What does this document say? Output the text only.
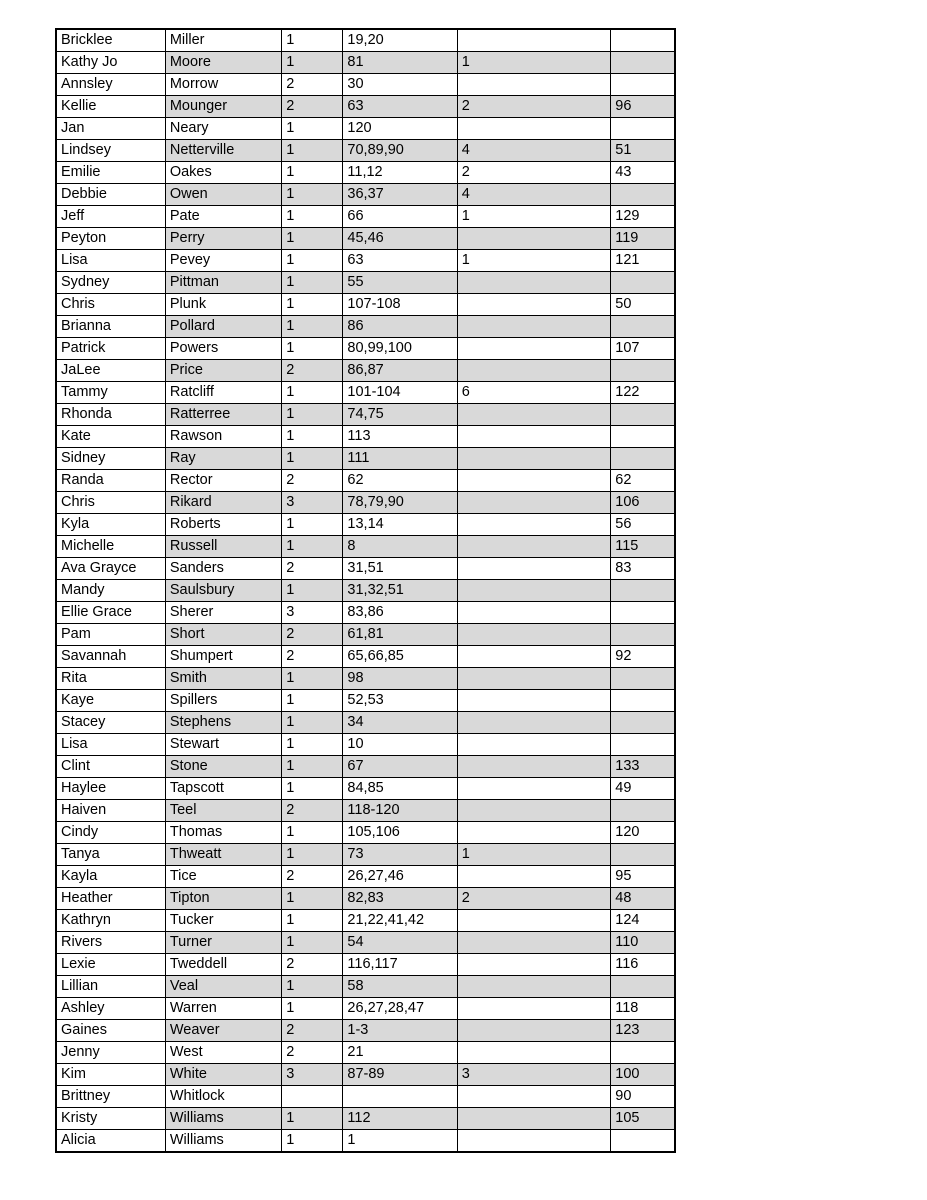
Bricklee	Miller	1	19,20		
Kathy Jo	Moore	1	81	1	
Annsley	Morrow	2	30		
Kellie	Mounger	2	63	2	96
Jan	Neary	1	120		
Lindsey	Netterville	1	70,89,90	4	51
Emilie	Oakes	1	11,12	2	43
Debbie	Owen	1	36,37	4	
Jeff	Pate	1	66	1	129
Peyton	Perry	1	45,46		119
Lisa	Pevey	1	63	1	121
Sydney	Pittman	1	55		
Chris	Plunk	1	107-108		50
Brianna	Pollard	1	86		
Patrick	Powers	1	80,99,100		107
JaLee	Price	2	86,87		
Tammy	Ratcliff	1	101-104	6	122
Rhonda	Ratterree	1	74,75		
Kate	Rawson	1	113		
Sidney	Ray	1	111		
Randa	Rector	2	62		62
Chris	Rikard	3	78,79,90		106
Kyla	Roberts	1	13,14		56
Michelle	Russell	1	8		115
Ava Grayce	Sanders	2	31,51		83
Mandy	Saulsbury	1	31,32,51		
Ellie Grace	Sherer	3	83,86		
Pam	Short	2	61,81		
Savannah	Shumpert	2	65,66,85		92
Rita	Smith	1	98		
Kaye	Spillers	1	52,53		
Stacey	Stephens	1	34		
Lisa	Stewart	1	10		
Clint	Stone	1	67		133
Haylee	Tapscott	1	84,85		49
Haiven	Teel	2	118-120		
Cindy	Thomas	1	105,106		120
Tanya	Thweatt	1	73	1	
Kayla	Tice	2	26,27,46		95
Heather	Tipton	1	82,83	2	48
Kathryn	Tucker	1	21,22,41,42		124
Rivers	Turner	1	54		110
Lexie	Tweddell	2	116,117		116
Lillian	Veal	1	58		
Ashley	Warren	1	26,27,28,47		118
Gaines	Weaver	2	1-3		123
Jenny	West	2	21		
Kim	White	3	87-89	3	100
Brittney	Whitlock				90
Kristy	Williams	1	112		105
Alicia	Williams	1	1		
